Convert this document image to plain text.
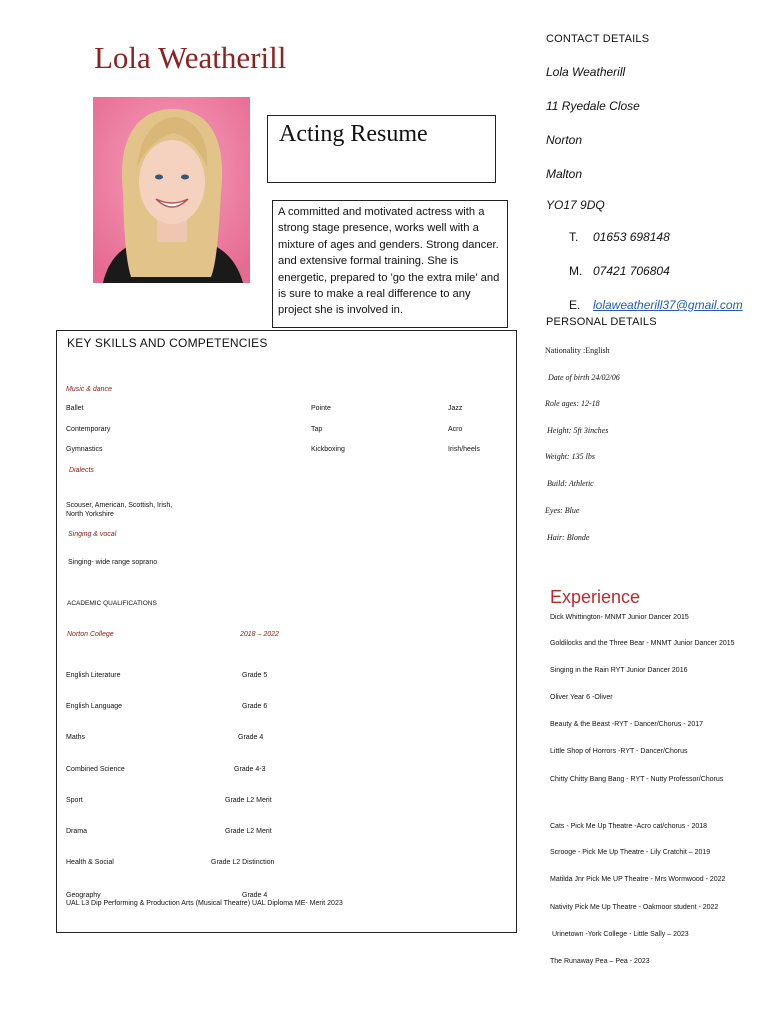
Lola Weatherill
Acting Resume
A committed and motivated actress with a strong stage presence, works well with a mixture of ages and genders. Strong dancer. and extensive formal training. She is energetic, prepared to 'go the extra mile' and is sure to make a real difference to any project she is involved in.
CONTACT DETAILS
Lola Weatherill
11 Ryedale Close
Norton
Malton
YO17 9DQ
T. 01653 698148
M. 07421 706804
E. lolaweatherill37@gmail.com
PERSONAL DETAILS
Nationality :English
Date of birth 24/02/06
Role ages: 12-18
Height: 5ft 3inches
Weight: 135 lbs
Build: Athletic
Eyes: Blue
Hair: Blonde
Experience
Dick Whittington- MNMT Junior Dancer 2015
Goldilocks and the Three Bear - MNMT Junior Dancer 2015
Singing in the Rain RYT Junior Dancer 2016
Oliver Year 6 -Oliver
Beauty & the Beast -RYT - Dancer/Chorus - 2017
Little Shop of Horrors -RYT - Dancer/Chorus
Chitty Chitty Bang Bang - RYT - Nutty Professor/Chorus
Cats - Pick Me Up Theatre -Acro cat/chorus - 2018
Scrooge - Pick Me Up Theatre - Lily Cratchit – 2019
Matilda Jnr Pick Me UP Theatre - Mrs Wormwood - 2022
Nativity Pick Me Up Theatre - Oakmoor student - 2022
Urinetown -York College - Little Sally – 2023
The Runaway Pea – Pea - 2023
KEY SKILLS AND COMPETENCIES
Music & dance
Ballet	Pointe	Jazz
Contemporary	Tap	Acro
Gymnastics	Kickboxing	Irish/heels
Dialects
Scouser, American, Scottish, Irish,
North Yorkshire
Singing & vocal
Singing- wide range soprano
ACADEMIC QUALIFICATIONS
Norton College	2018 – 2022
English Literature	Grade 5
English Language	Grade 6
Maths	Grade 4
Combined Science	Grade 4-3
Sport	Grade L2 Merit
Drama	Grade L2 Merit
Health & Social	Grade L2 Distinction
Geography	Grade 4
UAL L3 Dip Performing & Production Arts (Musical Theatre) UAL Diploma ME- Merit 2023
